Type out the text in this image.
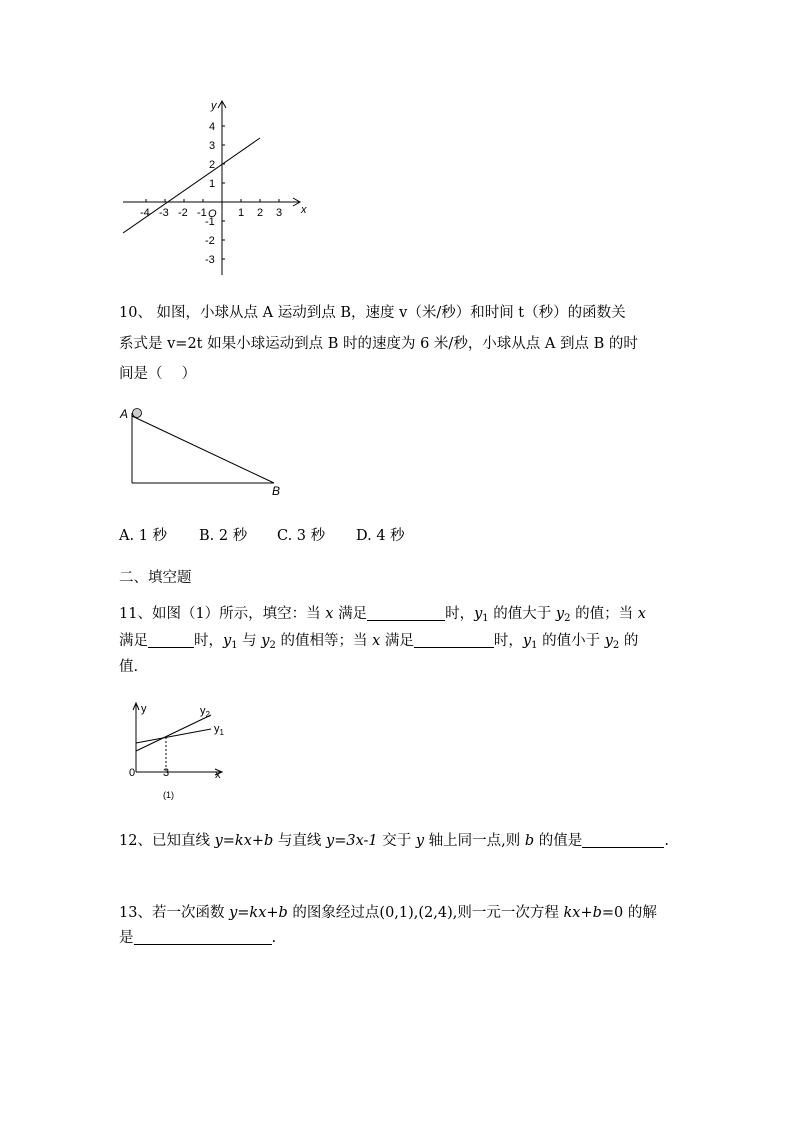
-4 -3 -2 -1 O 1 2 3 x
y
4
3
2
1
-1
-2
-3
10、 如图，小球从点 A 运动到点 B，速度 v（米/秒）和时间 t（秒）的函数关
系式是 v=2t 如果小球运动到点 B 时的速度为 6 米/秒，小球从点 A 到点 B 的时
间是（　 ）
A
B
A. 1 秒 B. 2 秒 C. 3 秒 D. 4 秒
二、填空题
11、如图（1）所示，填空：当 x 满足	时，$y_1$ 的值大于 $y_2$ 的值；当 x
满足	时，$y_1$ 与 $y_2$ 的值相等；当 x 满足	时，$y_1$ 的值小于 $y_2$ 的
值.
y
x
0	3
$y_2$
$y_1$
(1)
12、已知直线 y=kx+b 与直线 y=3x-1 交于 y 轴上同一点,则 b 的值是	.
13、若一次函数 y=kx+b 的图象经过点(0,1),(2,4),则一元一次方程 kx+b=0 的解
是	.
